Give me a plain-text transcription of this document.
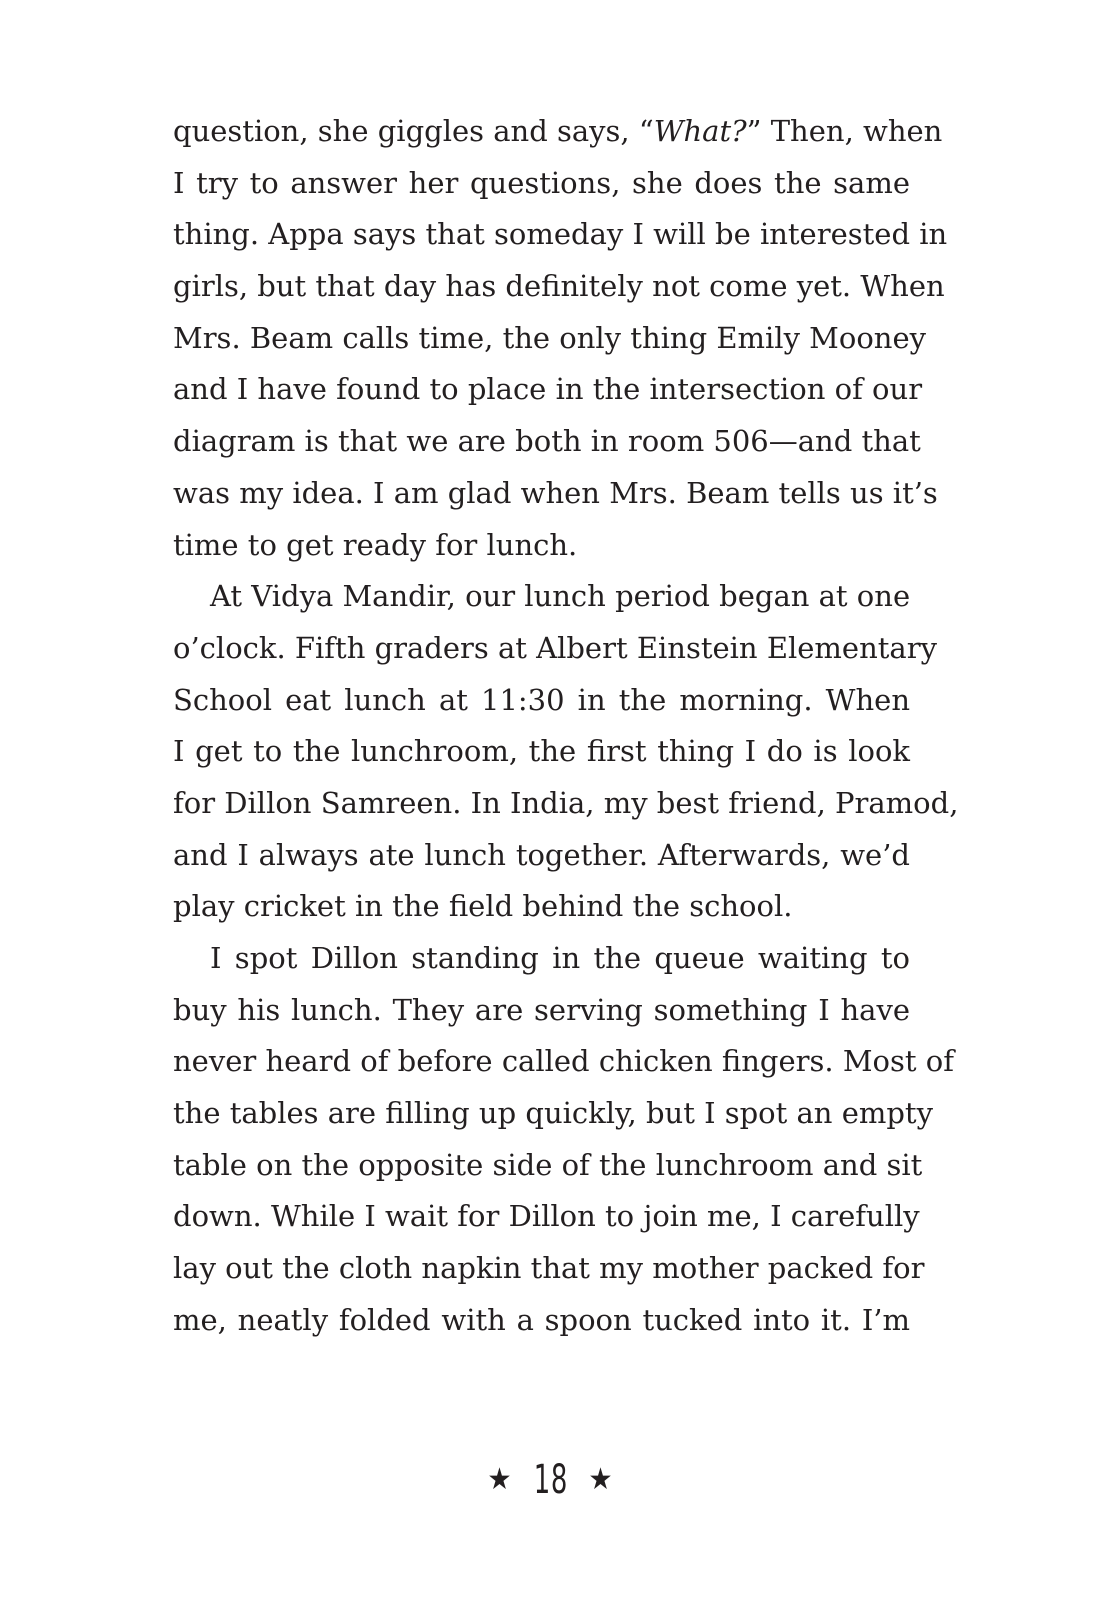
question, she giggles and says, “What?” Then, when
I try to answer her questions, she does the same
thing. Appa says that someday I will be interested in
girls, but that day has definitely not come yet. When
Mrs. Beam calls time, the only thing Emily Mooney
and I have found to place in the intersection of our
diagram is that we are both in room 506—and that
was my idea. I am glad when Mrs. Beam tells us it’s
time to get ready for lunch.
At Vidya Mandir, our lunch period began at one
o’clock. Fifth graders at Albert Einstein Elementary
School eat lunch at 11:30 in the morning. When
I get to the lunchroom, the first thing I do is look
for Dillon Samreen. In India, my best friend, Pramod,
and I always ate lunch together. Afterwards, we’d
play cricket in the field behind the school.
I spot Dillon standing in the queue waiting to
buy his lunch. They are serving something I have
never heard of before called chicken fingers. Most of
the tables are filling up quickly, but I spot an empty
table on the opposite side of the lunchroom and sit
down. While I wait for Dillon to join me, I carefully
lay out the cloth napkin that my mother packed for
me, neatly folded with a spoon tucked into it. I’m
★ 18 ★
